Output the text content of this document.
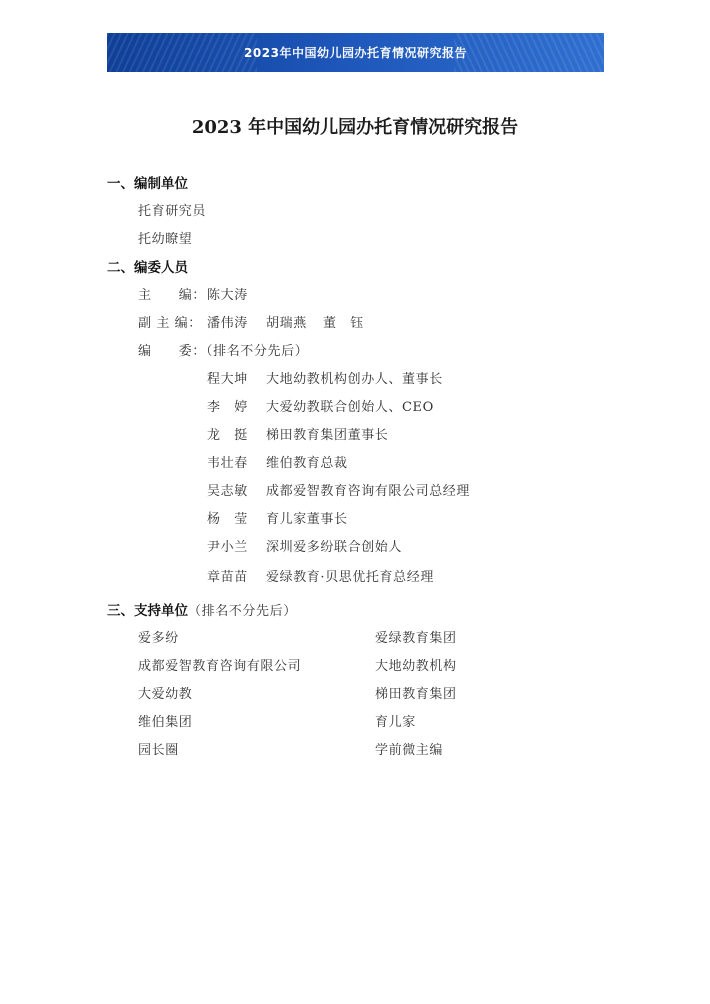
2023年中国幼儿园办托育情况研究报告
2023 年中国幼儿园办托育情况研究报告
一、编制单位
托育研究员
托幼瞭望
二、编委人员
主　　编： 陈大涛
副 主 编： 潘伟涛 胡瑞燕 董　钰
编　　委：（排名不分先后）
程大坤 大地幼教机构创办人、董事长
李　婷 大爱幼教联合创始人、CEO
龙　挺 梯田教育集团董事长
韦壮春 维伯教育总裁
吴志敏 成都爱智教育咨询有限公司总经理
杨　莹 育儿家董事长
尹小兰 深圳爱多纷联合创始人
章苗苗 爱绿教育·贝思优托育总经理
三、支持单位（排名不分先后）
爱多纷	爱绿教育集团
成都爱智教育咨询有限公司	大地幼教机构
大爱幼教	梯田教育集团
维伯集团	育儿家
园长圈	学前微主编
